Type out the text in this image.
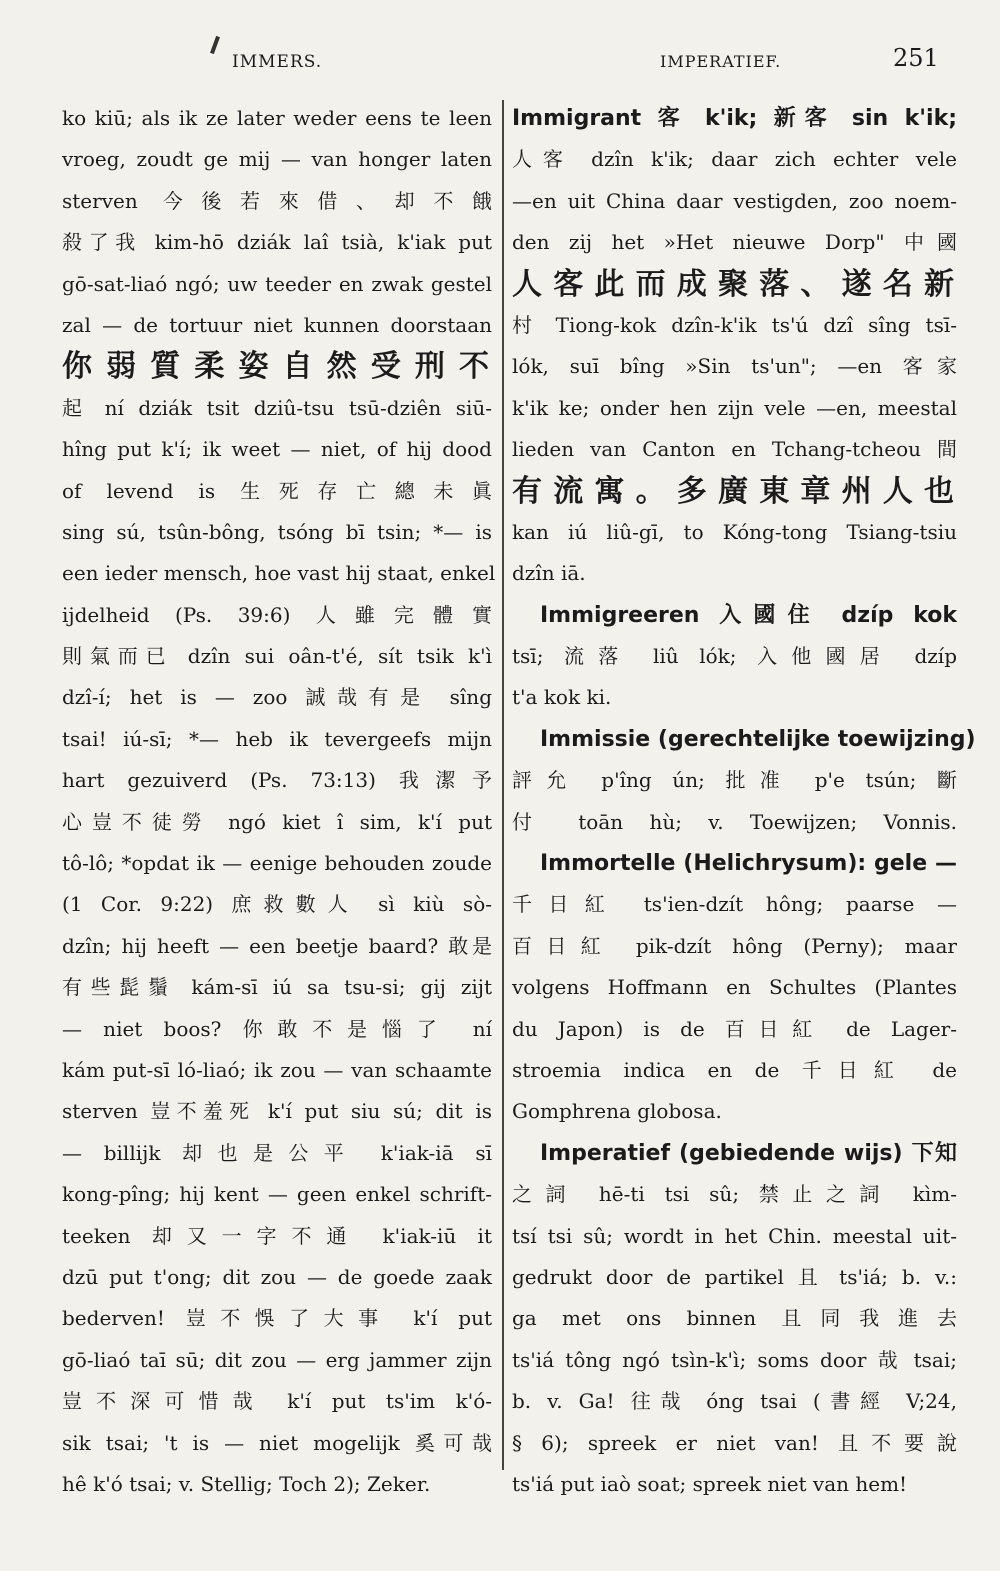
IMMERS.	IMPERATIEF.	251
ko kiū; als ik ze later weder eens te leen
vroeg, zoudt ge mij — van honger laten
sterven 今後若來借、却不餓
殺了我 kim-hō dziák laî tsià, k'iak put
gō-sat-liaó ngó; uw teeder en zwak gestel
zal — de tortuur niet kunnen doorstaan
你弱質柔姿自然受刑不
起 ní dziák tsit dziû-tsu tsū-dziên siū-
hîng put k'í; ik weet — niet, of hij dood
of levend is 生死存亡總未眞
sing sú, tsûn-bông, tsóng bī tsin; *— is
een ieder mensch, hoe vast hij staat, enkel
ijdelheid (Ps. 39:6) 人雖完體實
則氣而已 dzîn sui oân-t'é, sít tsik k'ì
dzî-í; het is — zoo 誠哉有是 sîng
tsai! iú-sī; *— heb ik tevergeefs mijn
hart gezuiverd (Ps. 73:13) 我潔予
心豈不徒勞 ngó kiet î sim, k'í put
tô-lô; *opdat ik — eenige behouden zoude
(1 Cor. 9:22) 庶救數人 sì kiù sò-
dzîn; hij heeft — een beetje baard? 敢是
有些髭鬚 kám-sī iú sa tsu-si; gij zijt
— niet boos? 你敢不是惱了 ní
kám put-sī ló-liaó; ik zou — van schaamte
sterven 豈不羞死 k'í put siu sú; dit is
— billijk 却也是公平 k'iak-iā sī
kong-pîng; hij kent — geen enkel schrift-
teeken 却又一字不通 k'iak-iū it
dzū put t'ong; dit zou — de goede zaak
bederven! 豈不悞了大事 k'í put
gō-liaó taī sū; dit zou — erg jammer zijn
豈不深可惜哉 k'í put ts'im k'ó-
sik tsai; 't is — niet mogelijk 奚可哉
hê k'ó tsai; v. Stellig; Toch 2); Zeker.
Immigrant 客 k'ik; 新客 sin k'ik;
人客 dzîn k'ik; daar zich echter vele
—en uit China daar vestigden, zoo noem-
den zij het »Het nieuwe Dorp" 中國
人客此而成聚落、遂名新
村 Tiong-kok dzîn-k'ik ts'ú dzî sîng tsī-
lók, suī bîng »Sin ts'un"; —en 客家
k'ik ke; onder hen zijn vele —en, meestal
lieden van Canton en Tchang-tcheou 間
有流寓。多廣東章州人也
kan iú liû-gī, to Kóng-tong Tsiang-tsiu
dzîn iā.
Immigreeren 入國住 dzíp kok
tsī; 流落 liû lók; 入他國居 dzíp
t'a kok ki.
Immissie (gerechtelijke toewijzing)
評允 p'îng ún; 批准 p'e tsún; 斷
付 toān hù; v. Toewijzen; Vonnis.
Immortelle (Helichrysum): gele —
千日紅 ts'ien-dzít hông; paarse —
百日紅 pik-dzít hông (Perny); maar
volgens Hoffmann en Schultes (Plantes
du Japon) is de 百日紅 de Lager-
stroemia indica en de 千日紅 de
Gomphrena globosa.
Imperatief (gebiedende wijs) 下知
之詞 hē-ti tsi sû; 禁止之詞 kìm-
tsí tsi sû; wordt in het Chin. meestal uit-
gedrukt door de partikel 且 ts'iá; b. v.:
ga met ons binnen 且同我進去
ts'iá tông ngó tsìn-k'ì; soms door 哉 tsai;
b. v. Ga! 往哉 óng tsai (書經 V;24,
§ 6); spreek er niet van! 且不要說
ts'iá put iaò soat; spreek niet van hem!
